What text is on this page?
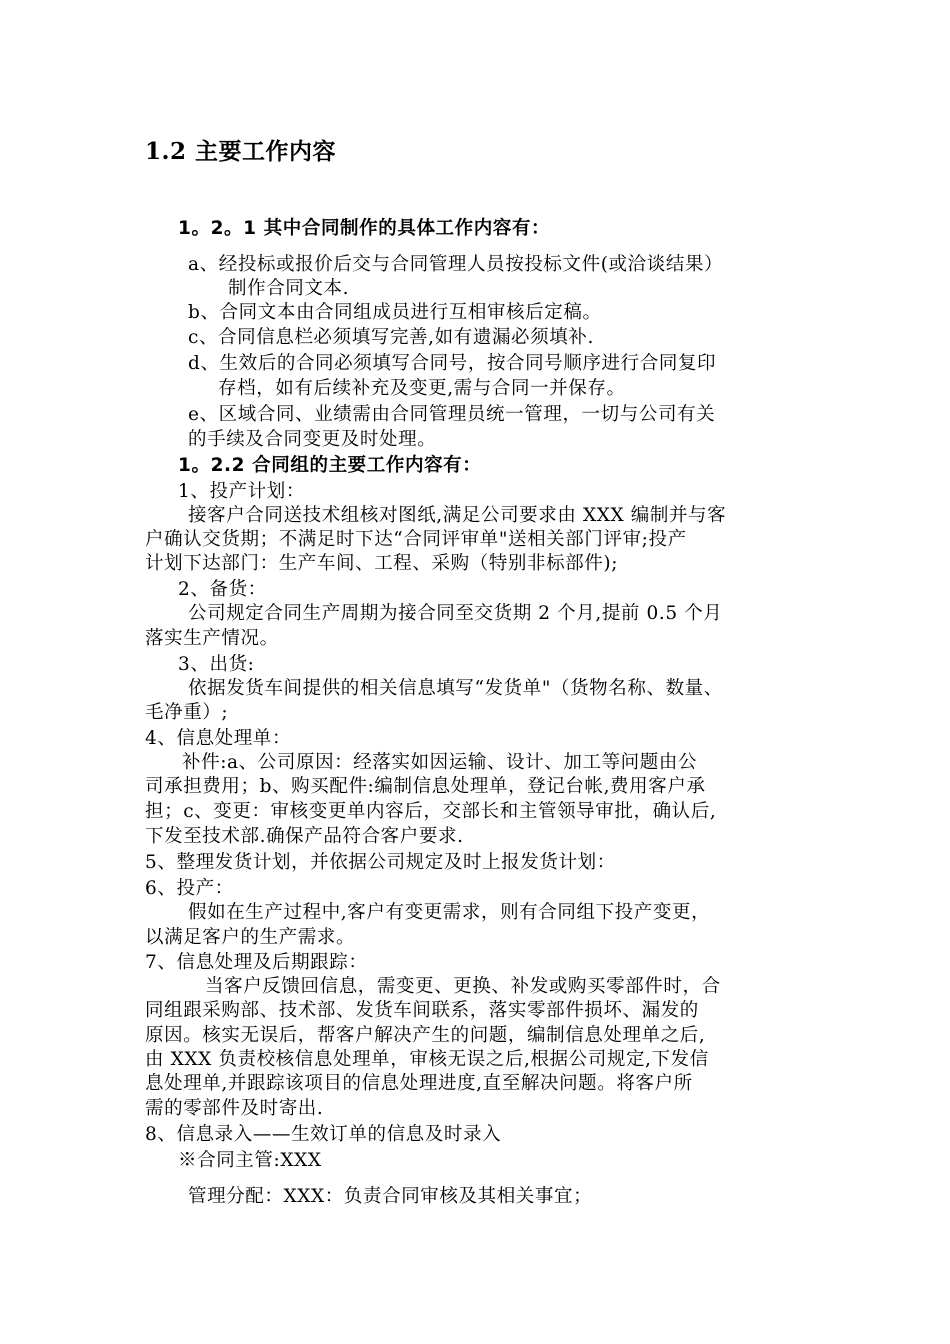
1.2 主要工作内容
1。2。1 其中合同制作的具体工作内容有：
a、经投标或报价后交与合同管理人员按投标文件(或洽谈结果）
制作合同文本.
b、合同文本由合同组成员进行互相审核后定稿。
c、合同信息栏必须填写完善,如有遗漏必须填补.
d、生效后的合同必须填写合同号，按合同号顺序进行合同复印
存档，如有后续补充及变更,需与合同一并保存。
e、区域合同、业绩需由合同管理员统一管理，一切与公司有关
的手续及合同变更及时处理。
1。2.2 合同组的主要工作内容有：
1、投产计划：
接客户合同送技术组核对图纸,满足公司要求由 XXX 编制并与客
户确认交货期；不满足时下达“合同评审单"送相关部门评审;投产
计划下达部门：生产车间、工程、采购（特别非标部件);
2、备货：
公司规定合同生产周期为接合同至交货期 2 个月,提前 0.5 个月
落实生产情况。
3、出货:
依据发货车间提供的相关信息填写“发货单"（货物名称、数量、
毛净重）;
4、信息处理单：
补件:a、公司原因：经落实如因运输、设计、加工等问题由公
司承担费用；b、购买配件:编制信息处理单，登记台帐,费用客户承
担；c、变更：审核变更单内容后，交部长和主管领导审批，确认后,
下发至技术部.确保产品符合客户要求.
5、整理发货计划，并依据公司规定及时上报发货计划：
6、投产：
假如在生产过程中,客户有变更需求，则有合同组下投产变更，
以满足客户的生产需求。
7、信息处理及后期跟踪：
当客户反馈回信息，需变更、更换、补发或购买零部件时，合
同组跟采购部、技术部、发货车间联系，落实零部件损坏、漏发的
原因。核实无误后，帮客户解决产生的问题，编制信息处理单之后,
由 XXX 负责校核信息处理单，审核无误之后,根据公司规定,下发信
息处理单,并跟踪该项目的信息处理进度,直至解决问题。将客户所
需的零部件及时寄出.
8、信息录入——生效订单的信息及时录入
※合同主管:XXX
管理分配：XXX：负责合同审核及其相关事宜；
